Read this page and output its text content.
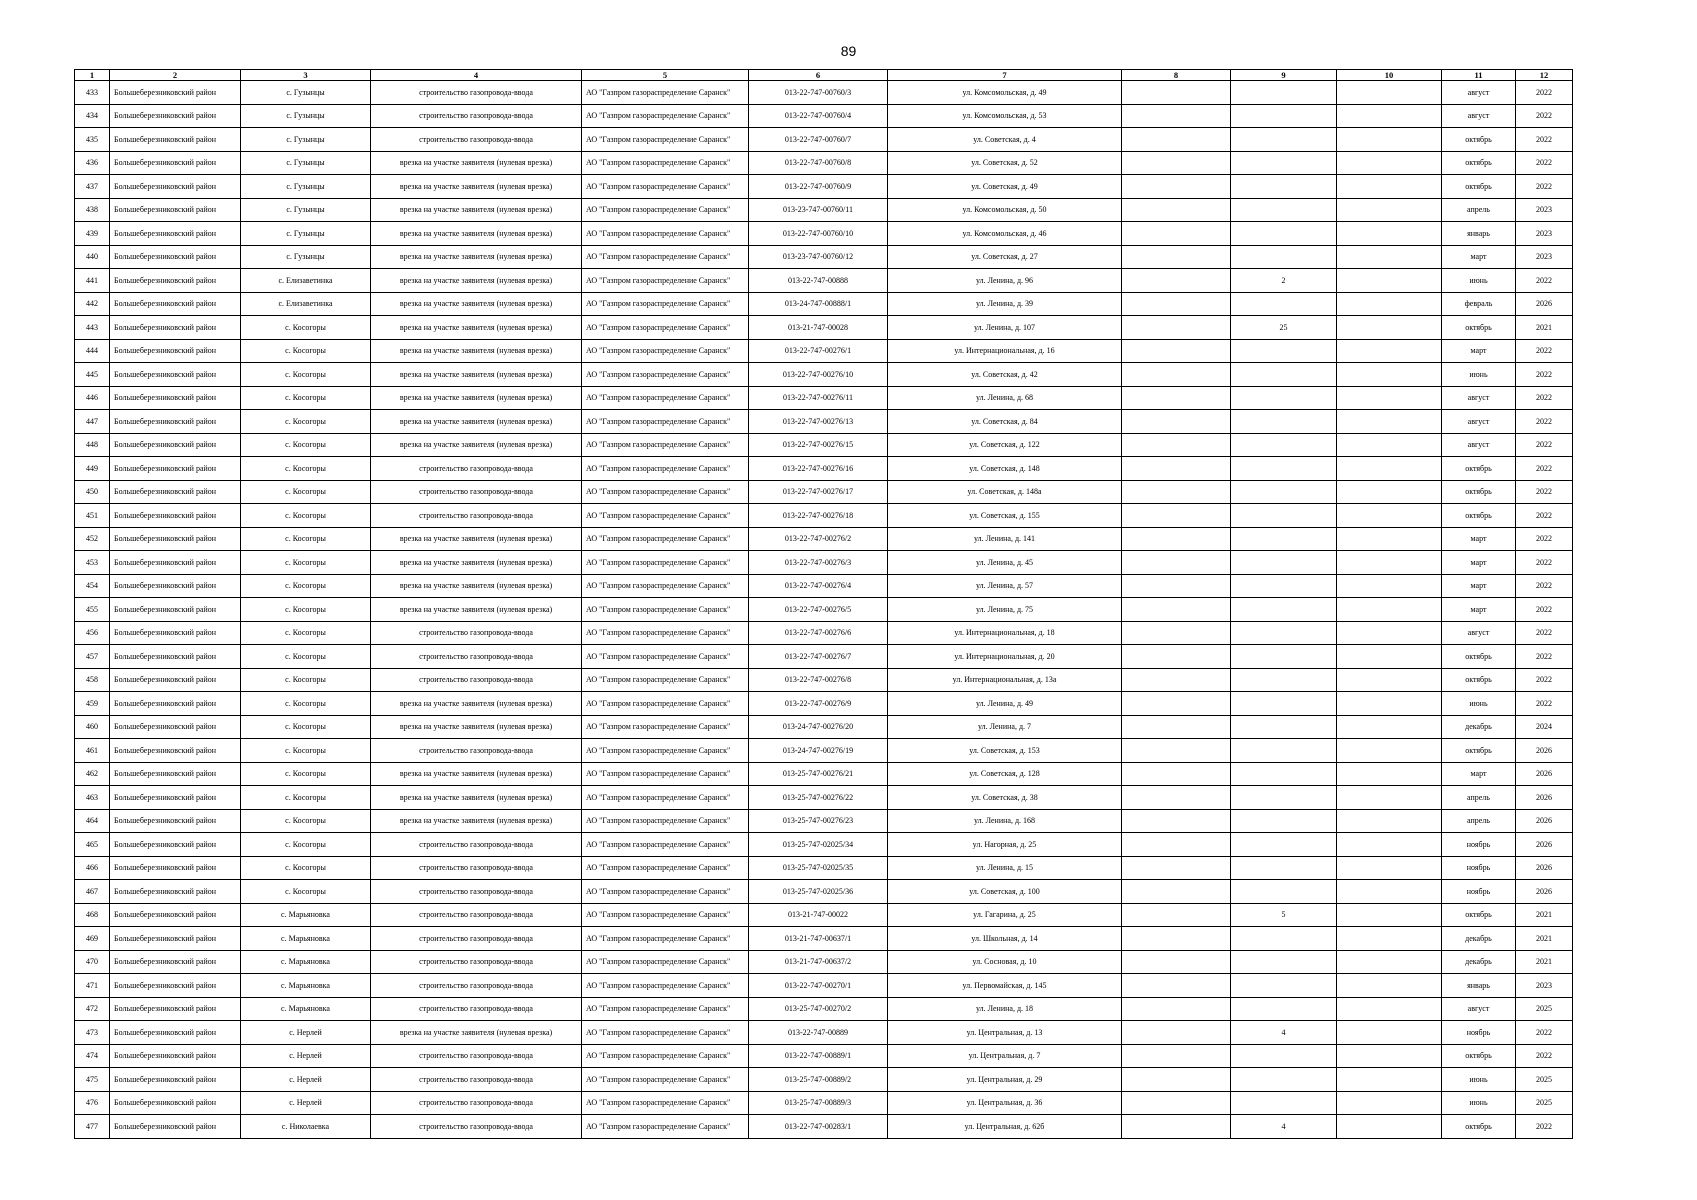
89
1	2	3	4	5	6	7	8	9	10	11	12
433	Большеберезниковский район	с. Гузынцы	строительство газопровода-ввода	АО "Газпром газораспределение Саранск"	013-22-747-00760/3	ул. Комсомольская, д. 49				август	2022
434	Большеберезниковский район	с. Гузынцы	строительство газопровода-ввода	АО "Газпром газораспределение Саранск"	013-22-747-00760/4	ул. Комсомольская, д. 53				август	2022
435	Большеберезниковский район	с. Гузынцы	строительство газопровода-ввода	АО "Газпром газораспределение Саранск"	013-22-747-00760/7	ул. Советская, д. 4				октябрь	2022
436	Большеберезниковский район	с. Гузынцы	врезка на участке заявителя (нулевая врезка)	АО "Газпром газораспределение Саранск"	013-22-747-00760/8	ул. Советская, д. 52				октябрь	2022
437	Большеберезниковский район	с. Гузынцы	врезка на участке заявителя (нулевая врезка)	АО "Газпром газораспределение Саранск"	013-22-747-00760/9	ул. Советская, д. 49				октябрь	2022
438	Большеберезниковский район	с. Гузынцы	врезка на участке заявителя (нулевая врезка)	АО "Газпром газораспределение Саранск"	013-23-747-00760/11	ул. Комсомольская, д. 50				апрель	2023
439	Большеберезниковский район	с. Гузынцы	врезка на участке заявителя (нулевая врезка)	АО "Газпром газораспределение Саранск"	013-22-747-00760/10	ул. Комсомольская, д. 46				январь	2023
440	Большеберезниковский район	с. Гузынцы	врезка на участке заявителя (нулевая врезка)	АО "Газпром газораспределение Саранск"	013-23-747-00760/12	ул. Советская, д. 27				март	2023
441	Большеберезниковский район	с. Елизаветинка	врезка на участке заявителя (нулевая врезка)	АО "Газпром газораспределение Саранск"	013-22-747-00888	ул. Ленина, д. 96		2		июнь	2022
442	Большеберезниковский район	с. Елизаветинка	врезка на участке заявителя (нулевая врезка)	АО "Газпром газораспределение Саранск"	013-24-747-00888/1	ул. Ленина, д. 39				февраль	2026
443	Большеберезниковский район	с. Косогоры	врезка на участке заявителя (нулевая врезка)	АО "Газпром газораспределение Саранск"	013-21-747-00028	ул. Ленина, д. 107		25		октябрь	2021
444	Большеберезниковский район	с. Косогоры	врезка на участке заявителя (нулевая врезка)	АО "Газпром газораспределение Саранск"	013-22-747-00276/1	ул. Интернациональная, д. 16				март	2022
445	Большеберезниковский район	с. Косогоры	врезка на участке заявителя (нулевая врезка)	АО "Газпром газораспределение Саранск"	013-22-747-00276/10	ул. Советская, д. 42				июнь	2022
446	Большеберезниковский район	с. Косогоры	врезка на участке заявителя (нулевая врезка)	АО "Газпром газораспределение Саранск"	013-22-747-00276/11	ул. Ленина, д. 68				август	2022
447	Большеберезниковский район	с. Косогоры	врезка на участке заявителя (нулевая врезка)	АО "Газпром газораспределение Саранск"	013-22-747-00276/13	ул. Советская, д. 84				август	2022
448	Большеберезниковский район	с. Косогоры	врезка на участке заявителя (нулевая врезка)	АО "Газпром газораспределение Саранск"	013-22-747-00276/15	ул. Советская, д. 122				август	2022
449	Большеберезниковский район	с. Косогоры	строительство газопровода-ввода	АО "Газпром газораспределение Саранск"	013-22-747-00276/16	ул. Советская, д. 148				октябрь	2022
450	Большеберезниковский район	с. Косогоры	строительство газопровода-ввода	АО "Газпром газораспределение Саранск"	013-22-747-00276/17	ул. Советская, д. 148а				октябрь	2022
451	Большеберезниковский район	с. Косогоры	строительство газопровода-ввода	АО "Газпром газораспределение Саранск"	013-22-747-00276/18	ул. Советская, д. 155				октябрь	2022
452	Большеберезниковский район	с. Косогоры	врезка на участке заявителя (нулевая врезка)	АО "Газпром газораспределение Саранск"	013-22-747-00276/2	ул. Ленина, д. 141				март	2022
453	Большеберезниковский район	с. Косогоры	врезка на участке заявителя (нулевая врезка)	АО "Газпром газораспределение Саранск"	013-22-747-00276/3	ул. Ленина, д. 45				март	2022
454	Большеберезниковский район	с. Косогоры	врезка на участке заявителя (нулевая врезка)	АО "Газпром газораспределение Саранск"	013-22-747-00276/4	ул. Ленина, д. 57				март	2022
455	Большеберезниковский район	с. Косогоры	врезка на участке заявителя (нулевая врезка)	АО "Газпром газораспределение Саранск"	013-22-747-00276/5	ул. Ленина, д. 75				март	2022
456	Большеберезниковский район	с. Косогоры	строительство газопровода-ввода	АО "Газпром газораспределение Саранск"	013-22-747-00276/6	ул. Интернациональная, д. 18				август	2022
457	Большеберезниковский район	с. Косогоры	строительство газопровода-ввода	АО "Газпром газораспределение Саранск"	013-22-747-00276/7	ул. Интернациональная, д. 20				октябрь	2022
458	Большеберезниковский район	с. Косогоры	строительство газопровода-ввода	АО "Газпром газораспределение Саранск"	013-22-747-00276/8	ул. Интернациональная, д. 13а				октябрь	2022
459	Большеберезниковский район	с. Косогоры	врезка на участке заявителя (нулевая врезка)	АО "Газпром газораспределение Саранск"	013-22-747-00276/9	ул. Ленина, д. 49				июнь	2022
460	Большеберезниковский район	с. Косогоры	врезка на участке заявителя (нулевая врезка)	АО "Газпром газораспределение Саранск"	013-24-747-00276/20	ул. Ленина, д. 7				декабрь	2024
461	Большеберезниковский район	с. Косогоры	строительство газопровода-ввода	АО "Газпром газораспределение Саранск"	013-24-747-00276/19	ул. Советская, д. 153				октябрь	2026
462	Большеберезниковский район	с. Косогоры	врезка на участке заявителя (нулевая врезка)	АО "Газпром газораспределение Саранск"	013-25-747-00276/21	ул. Советская, д. 128				март	2026
463	Большеберезниковский район	с. Косогоры	врезка на участке заявителя (нулевая врезка)	АО "Газпром газораспределение Саранск"	013-25-747-00276/22	ул. Советская, д. 38				апрель	2026
464	Большеберезниковский район	с. Косогоры	врезка на участке заявителя (нулевая врезка)	АО "Газпром газораспределение Саранск"	013-25-747-00276/23	ул. Ленина, д. 168				апрель	2026
465	Большеберезниковский район	с. Косогоры	строительство газопровода-ввода	АО "Газпром газораспределение Саранск"	013-25-747-02025/34	ул. Нагорная, д. 25				ноябрь	2026
466	Большеберезниковский район	с. Косогоры	строительство газопровода-ввода	АО "Газпром газораспределение Саранск"	013-25-747-02025/35	ул. Ленина, д. 15				ноябрь	2026
467	Большеберезниковский район	с. Косогоры	строительство газопровода-ввода	АО "Газпром газораспределение Саранск"	013-25-747-02025/36	ул. Советская, д. 100				ноябрь	2026
468	Большеберезниковский район	с. Марьяновка	строительство газопровода-ввода	АО "Газпром газораспределение Саранск"	013-21-747-00022	ул. Гагарина, д. 25		5		октябрь	2021
469	Большеберезниковский район	с. Марьяновка	строительство газопровода-ввода	АО "Газпром газораспределение Саранск"	013-21-747-00637/1	ул. Школьная, д. 14				декабрь	2021
470	Большеберезниковский район	с. Марьяновка	строительство газопровода-ввода	АО "Газпром газораспределение Саранск"	013-21-747-00637/2	ул. Сосновая, д. 10				декабрь	2021
471	Большеберезниковский район	с. Марьяновка	строительство газопровода-ввода	АО "Газпром газораспределение Саранск"	013-22-747-00270/1	ул. Первомайская, д. 145				январь	2023
472	Большеберезниковский район	с. Марьяновка	строительство газопровода-ввода	АО "Газпром газораспределение Саранск"	013-25-747-00270/2	ул. Ленина, д. 18				август	2025
473	Большеберезниковский район	с. Нерлей	врезка на участке заявителя (нулевая врезка)	АО "Газпром газораспределение Саранск"	013-22-747-00889	ул. Центральная, д. 13		4		ноябрь	2022
474	Большеберезниковский район	с. Нерлей	строительство газопровода-ввода	АО "Газпром газораспределение Саранск"	013-22-747-00889/1	ул. Центральная, д. 7				октябрь	2022
475	Большеберезниковский район	с. Нерлей	строительство газопровода-ввода	АО "Газпром газораспределение Саранск"	013-25-747-00889/2	ул. Центральная, д. 29				июнь	2025
476	Большеберезниковский район	с. Нерлей	строительство газопровода-ввода	АО "Газпром газораспределение Саранск"	013-25-747-00889/3	ул. Центральная, д. 36				июнь	2025
477	Большеберезниковский район	с. Николаевка	строительство газопровода-ввода	АО "Газпром газораспределение Саранск"	013-22-747-00283/1	ул. Центральная, д. 62б		4		октябрь	2022
